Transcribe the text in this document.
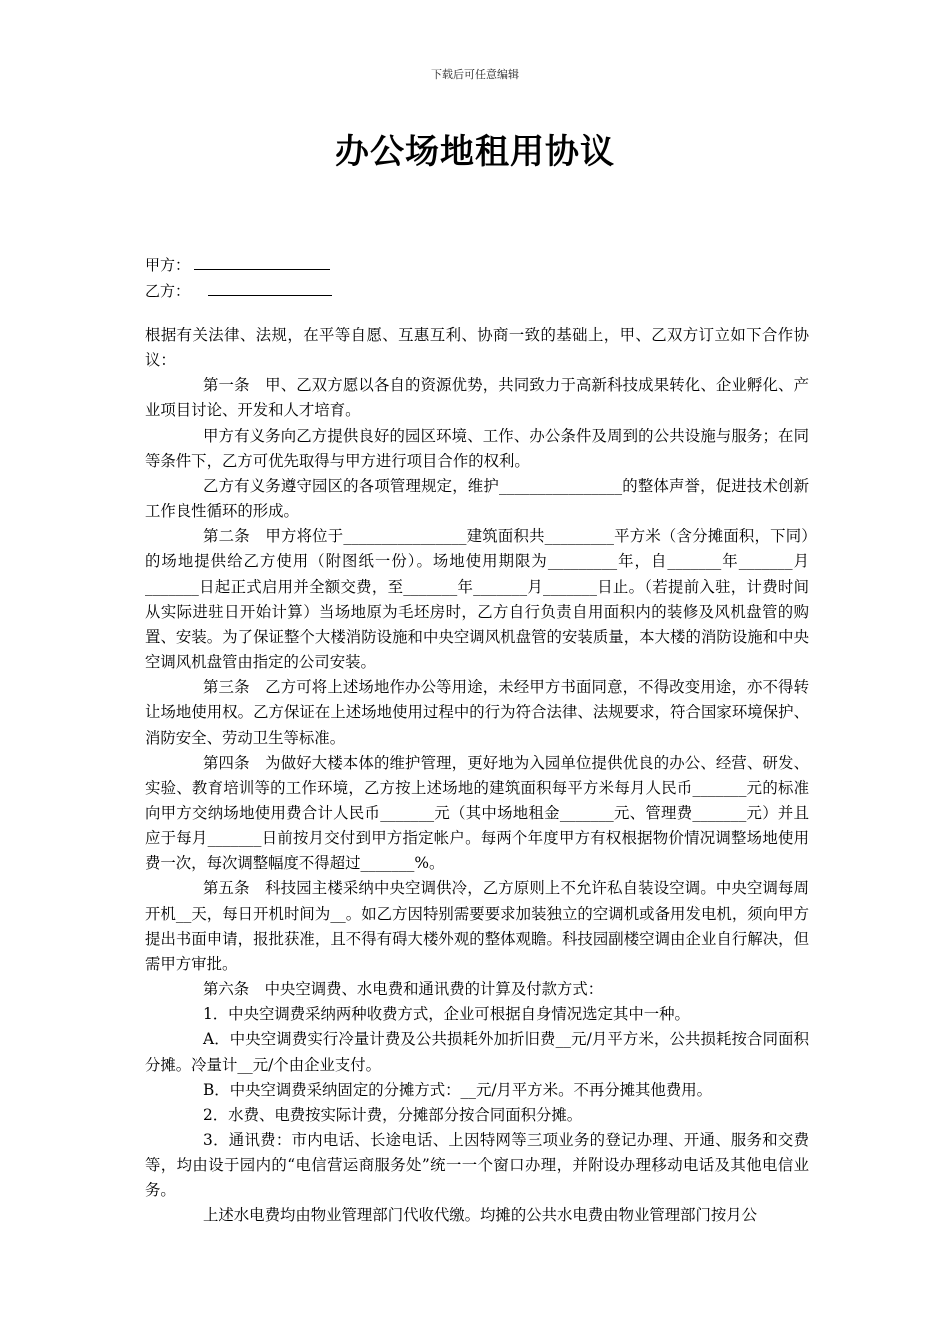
下载后可任意编辑
办公场地租用协议
甲方：
乙方：

根据有关法律、法规，在平等自愿、互惠互利、协商一致的基础上，甲、乙双方订立如下合作协议：

第一条　甲、乙双方愿以各自的资源优势，共同致力于高新科技成果转化、企业孵化、产业项目讨论、开发和人才培育。

甲方有义务向乙方提供良好的园区环境、工作、办公条件及周到的公共设施与服务；在同等条件下，乙方可优先取得与甲方进行项目合作的权利。

乙方有义务遵守园区的各项管理规定，维护________________的整体声誉，促进技术创新工作良性循环的形成。

第二条　甲方将位于________________建筑面积共_________平方米（含分摊面积，下同）的场地提供给乙方使用（附图纸一份）。场地使用期限为_________年，自_______年_______月_______日起正式启用并全额交费，至_______年_______月_______日止。（若提前入驻，计费时间从实际进驻日开始计算）当场地原为毛坯房时，乙方自行负责自用面积内的装修及风机盘管的购置、安装。为了保证整个大楼消防设施和中央空调风机盘管的安装质量，本大楼的消防设施和中央空调风机盘管由指定的公司安装。

第三条　乙方可将上述场地作办公等用途，未经甲方书面同意，不得改变用途，亦不得转让场地使用权。乙方保证在上述场地使用过程中的行为符合法律、法规要求，符合国家环境保护、消防安全、劳动卫生等标准。

第四条　为做好大楼本体的维护管理，更好地为入园单位提供优良的办公、经营、研发、实验、教育培训等的工作环境，乙方按上述场地的建筑面积每平方米每月人民币_______元的标准向甲方交纳场地使用费合计人民币_______元（其中场地租金_______元、管理费_______元）并且应于每月_______日前按月交付到甲方指定帐户。每两个年度甲方有权根据物价情况调整场地使用费一次，每次调整幅度不得超过_______%。

第五条　科技园主楼采纳中央空调供冷，乙方原则上不允许私自装设空调。中央空调每周开机__天，每日开机时间为__。如乙方因特别需要要求加装独立的空调机或备用发电机，须向甲方提出书面申请，报批获准，且不得有碍大楼外观的整体观瞻。科技园副楼空调由企业自行解决，但需甲方审批。

第六条　中央空调费、水电费和通讯费的计算及付款方式：

1．中央空调费采纳两种收费方式，企业可根据自身情况选定其中一种。

A．中央空调费实行冷量计费及公共损耗外加折旧费__元/月平方米，公共损耗按合同面积分摊。冷量计__元/个由企业支付。

B．中央空调费采纳固定的分摊方式：__元/月平方米。不再分摊其他费用。

2．水费、电费按实际计费，分摊部分按合同面积分摊。

3．通讯费：市内电话、长途电话、上因特网等三项业务的登记办理、开通、服务和交费等，均由设于园内的“电信营运商服务处”统一一个窗口办理，并附设办理移动电话及其他电信业务。

上述水电费均由物业管理部门代收代缴。均摊的公共水电费由物业管理部门按月公
